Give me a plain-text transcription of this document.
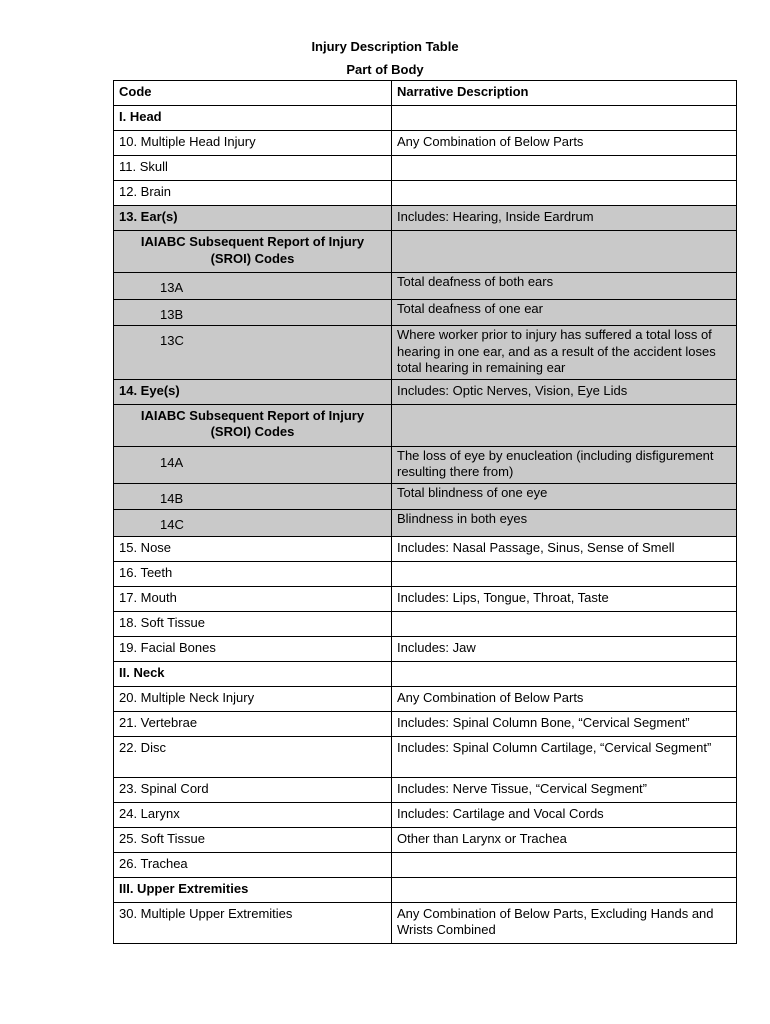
Injury Description Table
Part of Body
Code	Narrative Description
I. Head	
10. Multiple Head Injury	Any Combination of Below Parts
11. Skull	
12. Brain	
13. Ear(s)	Includes: Hearing, Inside Eardrum
IAIABC Subsequent Report of Injury (SROI) Codes	
13A	Total deafness of both ears
13B	Total deafness of one ear
13C	Where worker prior to injury has suffered a total loss of hearing in one ear, and as a result of the accident loses total hearing in remaining ear
14. Eye(s)	Includes: Optic Nerves, Vision, Eye Lids
IAIABC Subsequent Report of Injury (SROI) Codes	
14A	The loss of eye by enucleation (including disfigurement resulting there from)
14B	Total blindness of one eye
14C	Blindness in both eyes
15. Nose	Includes: Nasal Passage, Sinus, Sense of Smell
16. Teeth	
17. Mouth	Includes: Lips, Tongue, Throat, Taste
18. Soft Tissue	
19. Facial Bones	Includes: Jaw
II. Neck	
20. Multiple Neck Injury	Any Combination of Below Parts
21. Vertebrae	Includes: Spinal Column Bone, “Cervical Segment”
22. Disc	Includes: Spinal Column Cartilage, “Cervical Segment”
23. Spinal Cord	Includes: Nerve Tissue, “Cervical Segment”
24. Larynx	Includes: Cartilage and Vocal Cords
25. Soft Tissue	Other than Larynx or Trachea
26. Trachea	
III. Upper Extremities	
30. Multiple Upper Extremities	Any Combination of Below Parts, Excluding Hands and Wrists Combined
